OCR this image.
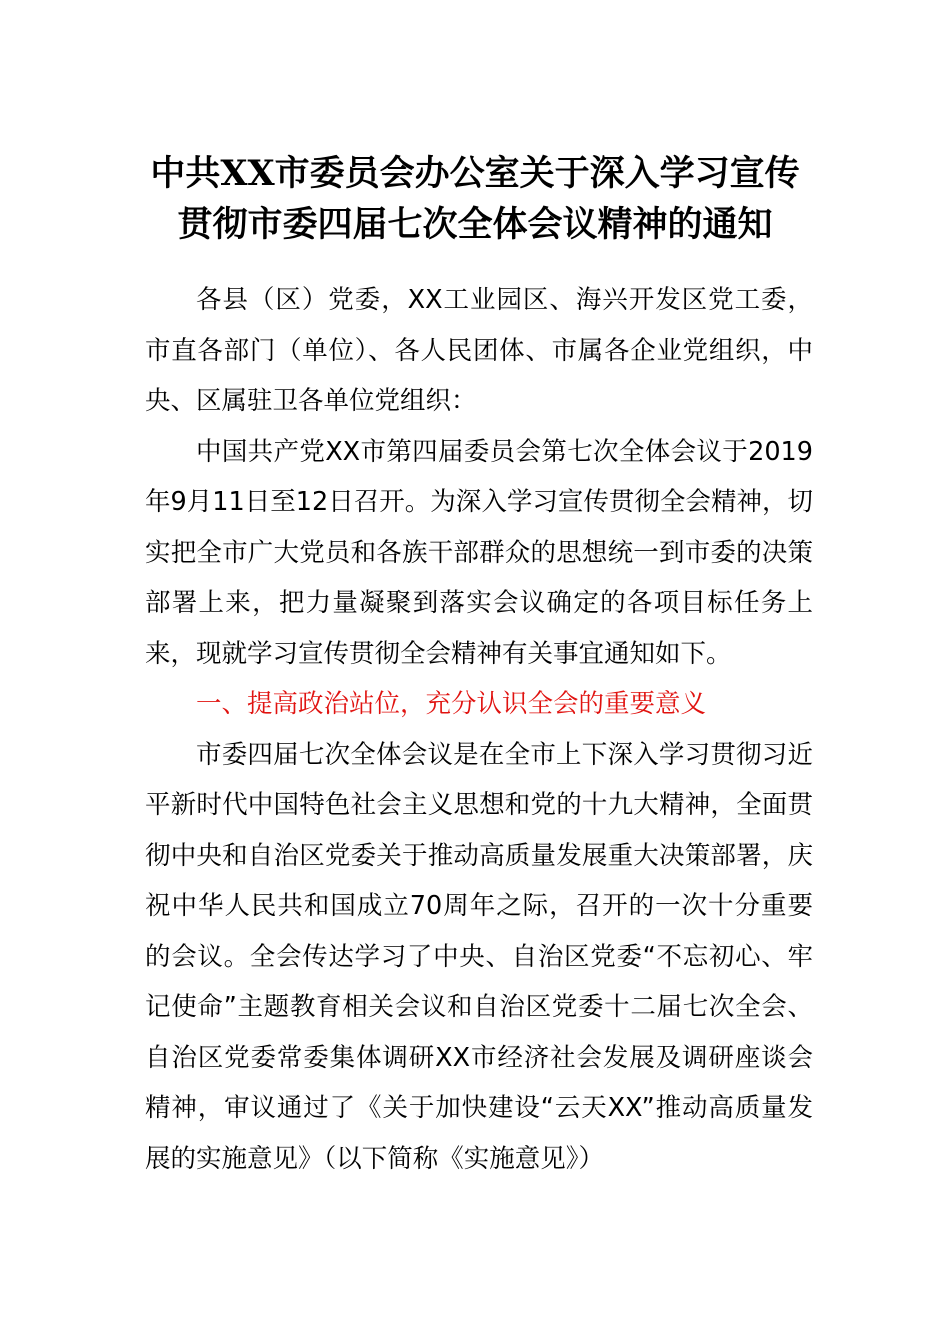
中共XX市委员会办公室关于深入学习宣传
贯彻市委四届七次全体会议精神的通知

各县（区）党委，XX工业园区、海兴开发区党工委，市直各部门（单位）、各人民团体、市属各企业党组织，中央、区属驻卫各单位党组织：

中国共产党XX市第四届委员会第七次全体会议于2019年9月11日至12日召开。为深入学习宣传贯彻全会精神，切实把全市广大党员和各族干部群众的思想统一到市委的决策部署上来，把力量凝聚到落实会议确定的各项目标任务上来，现就学习宣传贯彻全会精神有关事宜通知如下。

一、提高政治站位，充分认识全会的重要意义

市委四届七次全体会议是在全市上下深入学习贯彻习近平新时代中国特色社会主义思想和党的十九大精神，全面贯彻中央和自治区党委关于推动高质量发展重大决策部署，庆祝中华人民共和国成立70周年之际，召开的一次十分重要的会议。全会传达学习了中央、自治区党委“不忘初心、牢记使命”主题教育相关会议和自治区党委十二届七次全会、自治区党委常委集体调研XX市经济社会发展及调研座谈会精神，审议通过了《关于加快建设“云天XX”推动高质量发展的实施意见》（以下简称《实施意见》）
